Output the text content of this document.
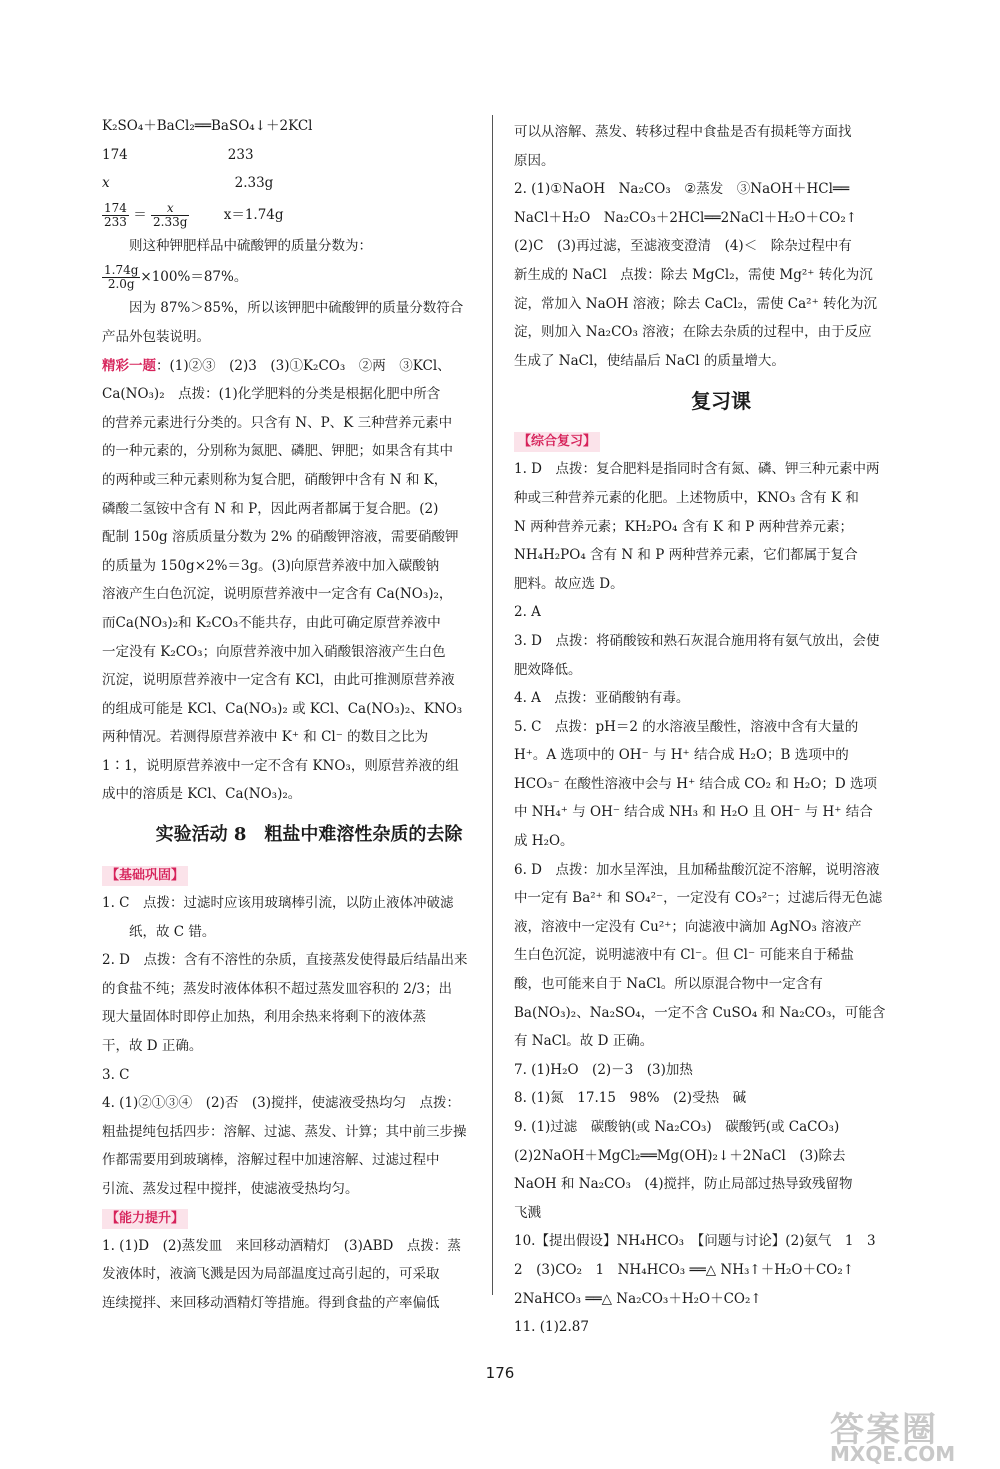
K₂SO₄＋BaCl₂══BaSO₄↓＋2KCl
174	233
x	2.33g
$\frac{174}{233} = \frac{x}{2.33g}$	x＝1.74g
则这种钾肥样品中硫酸钾的质量分数为：
$\frac{1.74g}{2.0g} \times 100\%=87\%$。
因为 87%＞85%，所以该钾肥中硫酸钾的质量分数符合
产品外包装说明。
精彩一题：(1)②③　(2)3　(3)①K₂CO₃　②两　③KCl、
Ca(NO₃)₂　点拨：(1)化学肥料的分类是根据化肥中所含
的营养元素进行分类的。只含有 N、P、K 三种营养元素中
的一种元素的，分别称为氮肥、磷肥、钾肥；如果含有其中
的两种或三种元素则称为复合肥，硝酸钾中含有 N 和 K，
磷酸二氢铵中含有 N 和 P，因此两者都属于复合肥。(2)
配制 150g 溶质质量分数为 2% 的硝酸钾溶液，需要硝酸钾
的质量为 150g×2%＝3g。(3)向原营养液中加入碳酸钠
溶液产生白色沉淀，说明原营养液中一定含有 Ca(NO₃)₂，
而Ca(NO₃)₂和 K₂CO₃不能共存，由此可确定原营养液中
一定没有 K₂CO₃；向原营养液中加入硝酸银溶液产生白色
沉淀，说明原营养液中一定含有 KCl，由此可推测原营养液
的组成可能是 KCl、Ca(NO₃)₂ 或 KCl、Ca(NO₃)₂、KNO₃
两种情况。若测得原营养液中 K⁺ 和 Cl⁻ 的数目之比为
1∶1，说明原营养液中一定不含有 KNO₃，则原营养液的组
成中的溶质是 KCl、Ca(NO₃)₂。
实验活动 8　粗盐中难溶性杂质的去除
【基础巩固】
1. C　点拨：过滤时应该用玻璃棒引流，以防止液体冲破滤
纸，故 C 错。
2. D　点拨：含有不溶性的杂质，直接蒸发使得最后结晶出来
的食盐不纯；蒸发时液体体积不超过蒸发皿容积的 2/3；出
现大量固体时即停止加热，利用余热来将剩下的液体蒸
干，故 D 正确。
3. C
4. (1)②①③④　(2)否　(3)搅拌，使滤液受热均匀　点拨：
粗盐提纯包括四步：溶解、过滤、蒸发、计算；其中前三步操
作都需要用到玻璃棒，溶解过程中加速溶解、过滤过程中
引流、蒸发过程中搅拌，使滤液受热均匀。
【能力提升】
1. (1)D　(2)蒸发皿　来回移动酒精灯　(3)ABD　点拨：蒸
发液体时，液滴飞溅是因为局部温度过高引起的，可采取
连续搅拌、来回移动酒精灯等措施。得到食盐的产率偏低
可以从溶解、蒸发、转移过程中食盐是否有损耗等方面找
原因。
2. (1)①NaOH　Na₂CO₃　②蒸发　③NaOH＋HCl══
NaCl＋H₂O　Na₂CO₃＋2HCl══2NaCl＋H₂O＋CO₂↑
(2)C　(3)再过滤，至滤液变澄清　(4)＜　除杂过程中有
新生成的 NaCl　点拨：除去 MgCl₂，需使 Mg²⁺ 转化为沉
淀，常加入 NaOH 溶液；除去 CaCl₂，需使 Ca²⁺ 转化为沉
淀，则加入 Na₂CO₃ 溶液；在除去杂质的过程中，由于反应
生成了 NaCl，使结晶后 NaCl 的质量增大。
复习课
【综合复习】
1. D　点拨：复合肥料是指同时含有氮、磷、钾三种元素中两
种或三种营养元素的化肥。上述物质中，KNO₃ 含有 K 和
N 两种营养元素；KH₂PO₄ 含有 K 和 P 两种营养元素；
NH₄H₂PO₄ 含有 N 和 P 两种营养元素，它们都属于复合
肥料。故应选 D。
2. A
3. D　点拨：将硝酸铵和熟石灰混合施用将有氨气放出，会使
肥效降低。
4. A　点拨：亚硝酸钠有毒。
5. C　点拨：pH＝2 的水溶液呈酸性，溶液中含有大量的
H⁺。A 选项中的 OH⁻ 与 H⁺ 结合成 H₂O；B 选项中的
HCO₃⁻ 在酸性溶液中会与 H⁺ 结合成 CO₂ 和 H₂O；D 选项
中 NH₄⁺ 与 OH⁻ 结合成 NH₃ 和 H₂O 且 OH⁻ 与 H⁺ 结合
成 H₂O。
6. D　点拨：加水呈浑浊，且加稀盐酸沉淀不溶解，说明溶液
中一定有 Ba²⁺ 和 SO₄²⁻，一定没有 CO₃²⁻；过滤后得无色滤
液，溶液中一定没有 Cu²⁺；向滤液中滴加 AgNO₃ 溶液产
生白色沉淀，说明滤液中有 Cl⁻。但 Cl⁻ 可能来自于稀盐
酸，也可能来自于 NaCl。所以原混合物中一定含有
Ba(NO₃)₂、Na₂SO₄，一定不含 CuSO₄ 和 Na₂CO₃，可能含
有 NaCl。故 D 正确。
7. (1)H₂O　(2)－3　(3)加热
8. (1)氮　17.15　98%　(2)受热　碱
9. (1)过滤　碳酸钠(或 Na₂CO₃)　碳酸钙(或 CaCO₃)
(2)2NaOH＋MgCl₂══Mg(OH)₂↓＋2NaCl　(3)除去
NaOH 和 Na₂CO₃　(4)搅拌，防止局部过热导致残留物
飞溅
10.【提出假设】NH₄HCO₃　【问题与讨论】(2)氨气　1　3
2　(3)CO₂　1　NH₄HCO₃ ══△ NH₃↑＋H₂O＋CO₂↑
2NaHCO₃ ══△ Na₂CO₃＋H₂O＋CO₂↑
11. (1)2.87
176
答案圈
MXQE.COM
